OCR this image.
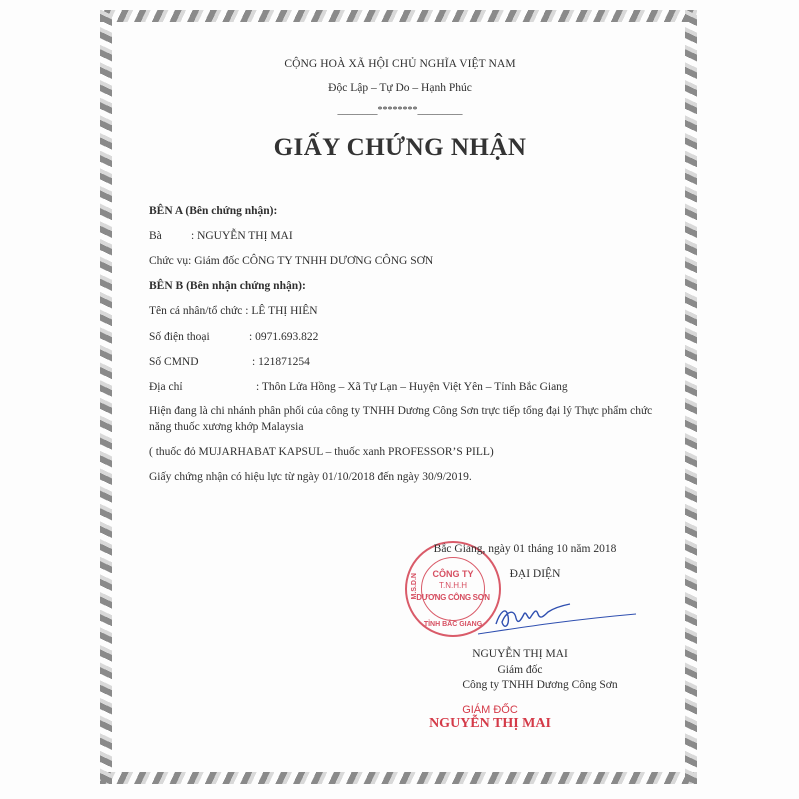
CỘNG HOÀ XÃ HỘI CHỦ NGHĨA VIỆT NAM
Độc Lập – Tự Do – Hạnh Phúc
________********_________
GIẤY CHỨNG NHẬN
BÊN A (Bên chứng nhận):
Bà	: NGUYỄN THỊ MAI
Chức vụ: Giám đốc CÔNG TY TNHH DƯƠNG CÔNG SƠN
BÊN B (Bên nhận chứng nhận):
Tên cá nhân/tổ chức : LÊ THỊ HIÊN
Số điện thoại	: 0971.693.822
Số CMND	: 121871254
Địa chỉ	: Thôn Lửa Hồng – Xã Tự Lạn – Huyện Việt Yên – Tỉnh Bắc Giang
Hiện đang là chi nhánh phân phối của công ty TNHH Dương Công Sơn trực tiếp tổng đại lý Thực phẩm chức năng thuốc xương khớp Malaysia
( thuốc đỏ MUJARHABAT KAPSUL – thuốc xanh PROFESSOR’S PILL)
Giấy chứng nhận có hiệu lực từ ngày 01/10/2018 đến ngày 30/9/2019.
M.S.D.N	CÔNG TY
T.N.H.H
DƯƠNG CÔNG SƠN
TỈNH BẮC GIANG
Bắc Giang, ngày 01 tháng 10 năm 2018
ĐẠI DIỆN
NGUYỄN THỊ MAI
Giám đốc
Công ty TNHH Dương Công Sơn
GIÁM ĐỐC
NGUYỄN THỊ MAI
